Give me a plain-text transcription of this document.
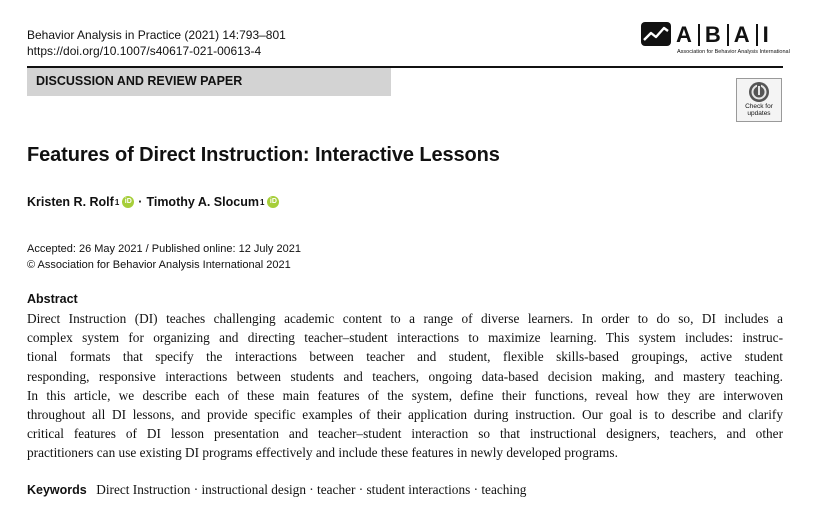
Behavior Analysis in Practice (2021) 14:793–801
https://doi.org/10.1007/s40617-021-00613-4
A B A I
Association for Behavior Analysis International
DISCUSSION AND REVIEW PAPER
Check for
updates
Features of Direct Instruction: Interactive Lessons
Kristen R. Rolf 1 iD · Timothy A. Slocum 1 iD
Accepted: 26 May 2021 / Published online: 12 July 2021
© Association for Behavior Analysis International 2021
Abstract
Direct Instruction (DI) teaches challenging academic content to a range of diverse learners. In order to do so, DI includes a
complex system for organizing and directing teacher–student interactions to maximize learning. This system includes: instruc-
tional formats that specify the interactions between teacher and student, flexible skills-based groupings, active student
responding, responsive interactions between students and teachers, ongoing data-based decision making, and mastery teaching.
In this article, we describe each of these main features of the system, define their functions, reveal how they are interwoven
throughout all DI lessons, and provide specific examples of their application during instruction. Our goal is to describe and clarify
critical features of DI lesson presentation and teacher–student interaction so that instructional designers, teachers, and other
practitioners can use existing DI programs effectively and include these features in newly developed programs.
Keywords Direct Instruction · instructional design · teacher · student interactions · teaching
